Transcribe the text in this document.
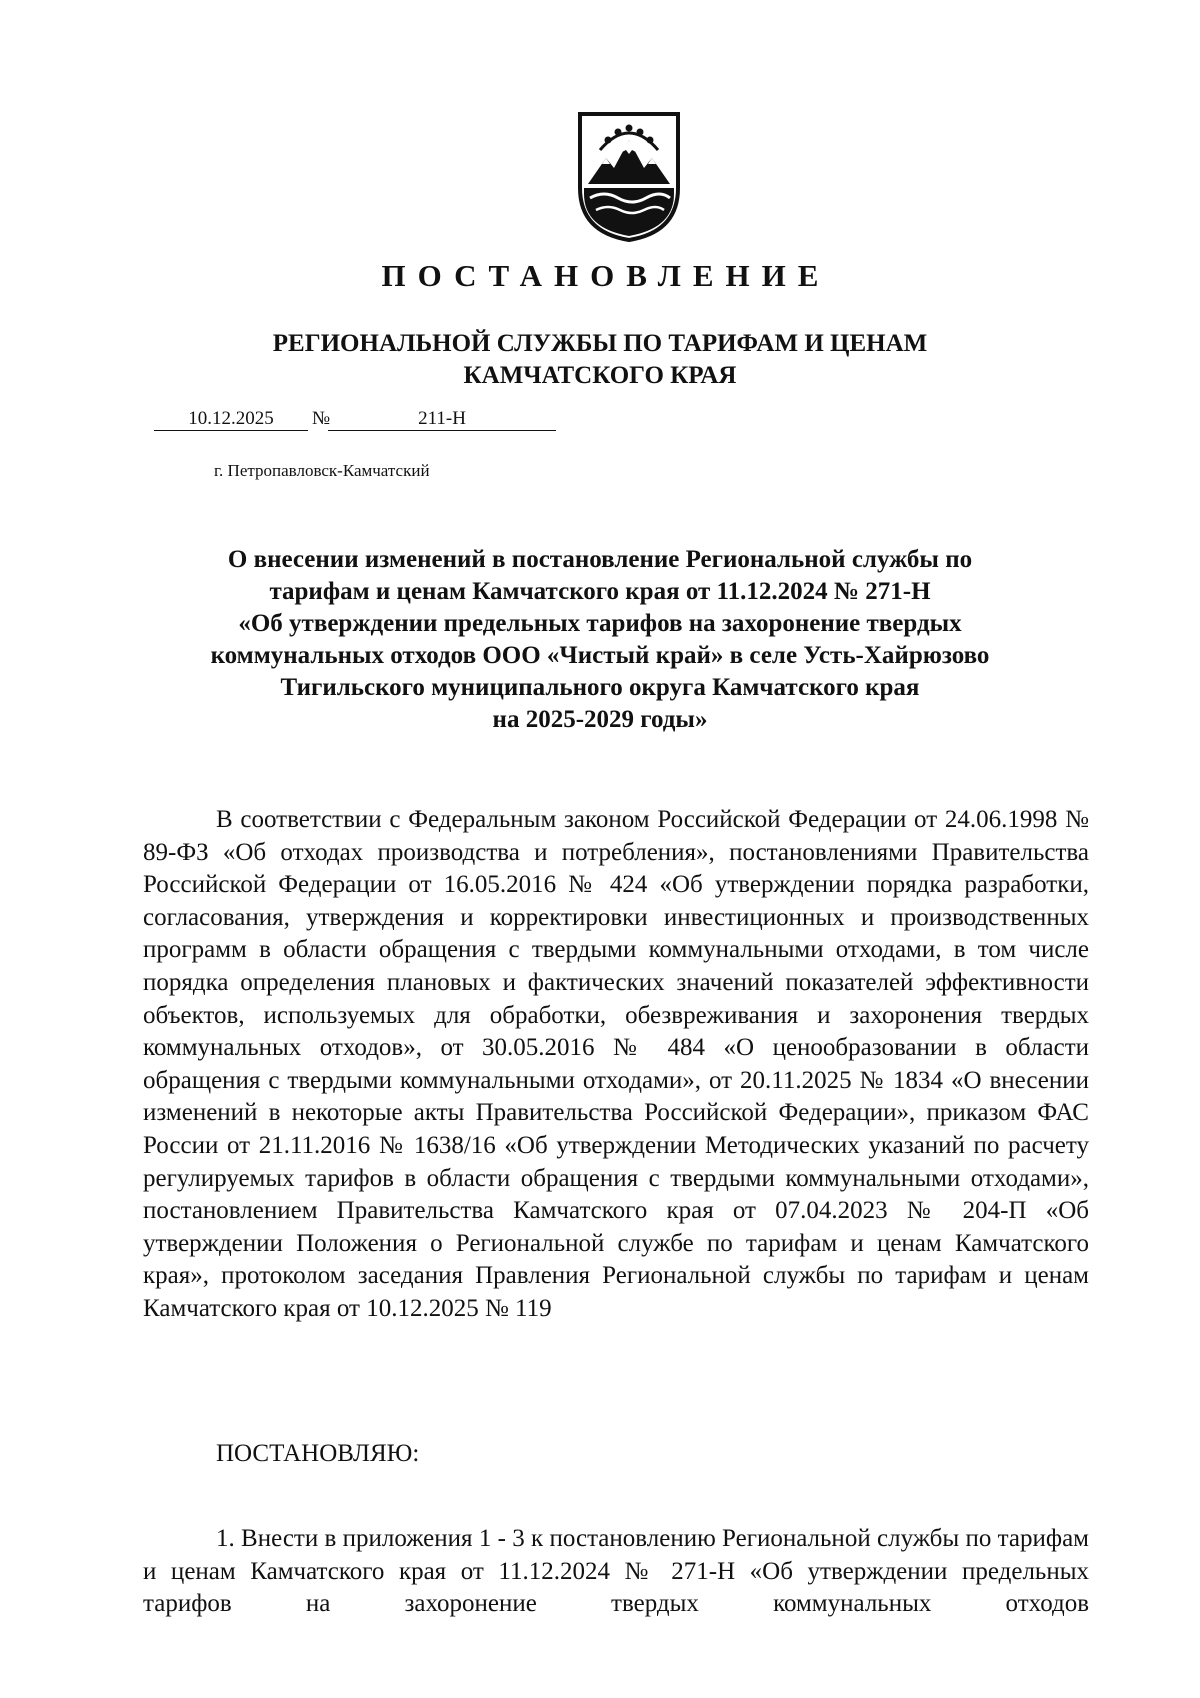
ПОСТАНОВЛЕНИЕ
РЕГИОНАЛЬНОЙ СЛУЖБЫ ПО ТАРИФАМ И ЦЕНАМ
КАМЧАТСКОГО КРАЯ
10.12.2025	№	211-Н
г. Петропавловск-Камчатский
О внесении изменений в постановление Региональной службы по
тарифам и ценам Камчатского края от 11.12.2024 № 271-Н
«Об утверждении предельных тарифов на захоронение твердых
коммунальных отходов ООО «Чистый край» в селе Усть-Хайрюзово
Тигильского муниципального округа Камчатского края
на 2025-2029 годы»

В соответствии с Федеральным законом Российской Федерации от 24.06.1998 № 89-ФЗ «Об отходах производства и потребления», постановлениями Правительства Российской Федерации от 16.05.2016 № 424 «Об утверждении порядка разработки, согласования, утверждения и корректировки инвестиционных и производственных программ в области обращения с твердыми коммунальными отходами, в том числе порядка определения плановых и фактических значений показателей эффективности объектов, используемых для обработки, обезвреживания и захоронения твердых коммунальных отходов», от 30.05.2016 № 484 «О ценообразовании в области обращения с твердыми коммунальными отходами», от 20.11.2025 № 1834 «О внесении изменений в некоторые акты Правительства Российской Федерации», приказом ФАС России от 21.11.2016 № 1638/16 «Об утверждении Методических указаний по расчету регулируемых тарифов в области обращения с твердыми коммунальными отходами», постановлением Правительства Камчатского края от 07.04.2023 № 204-П «Об утверждении Положения о Региональной службе по тарифам и ценам Камчатского края», протоколом заседания Правления Региональной службы по тарифам и ценам Камчатского края от 10.12.2025 № 119

ПОСТАНОВЛЯЮ:

1. Внести в приложения 1 - 3 к постановлению Региональной службы по тарифам и ценам Камчатского края от 11.12.2024 № 271-Н «Об утверждении предельных тарифов на захоронение твердых коммунальных отходов
